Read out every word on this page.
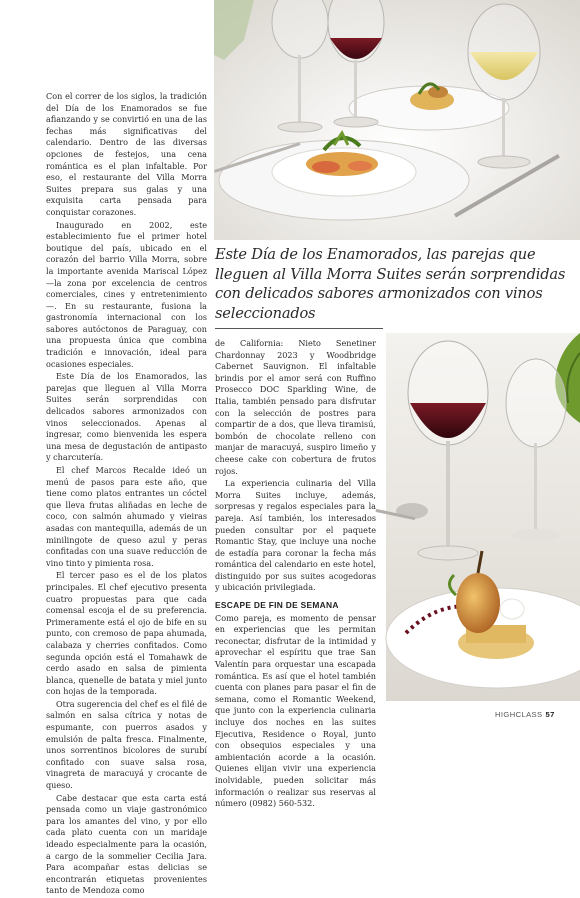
Con el correr de los siglos, la tradición del Día de los Enamorados se fue afianzando y se convirtió en una de las fechas más significativas del calendario. Dentro de las diversas opciones de festejos, una cena romántica es el plan infaltable. Por eso, el restaurante del Villa Morra Suites prepara sus galas y una exquisita carta pensada para conquistar corazones.

Inaugurado en 2002, este establecimiento fue el primer hotel boutique del país, ubicado en el corazón del barrio Villa Morra, sobre la importante avenida Mariscal López —la zona por excelencia de centros comerciales, cines y entretenimiento—. En su restaurante, fusiona la gastronomía internacional con los sabores autóctonos de Paraguay, con una propuesta única que combina tradición e innovación, ideal para ocasiones especiales.

Este Día de los Enamorados, las parejas que lleguen al Villa Morra Suites serán sorprendidas con delicados sabores armonizados con vinos seleccionados. Apenas al ingresar, como bienvenida les espera una mesa de degustación de antipasto y charcutería.

El chef Marcos Recalde ideó un menú de pasos para este año, que tiene como platos entrantes un cóctel que lleva frutas aliñadas en leche de coco, con salmón ahumado y vieiras asadas con mantequilla, además de un minilingote de queso azul y peras confitadas con una suave reducción de vino tinto y pimienta rosa.

El tercer paso es el de los platos principales. El chef ejecutivo presenta cuatro propuestas para que cada comensal escoja el de su preferencia. Primeramente está el ojo de bife en su punto, con cremoso de papa ahumada, calabaza y cherries confitados. Como segunda opción está el Tomahawk de cerdo asado en salsa de pimienta blanca, quenelle de batata y miel junto con hojas de la temporada.

Otra sugerencia del chef es el filé de salmón en salsa cítrica y notas de espumante, con puerros asados y emulsión de palta fresca. Finalmente, unos sorrentinos bicolores de surubí confitado con suave salsa rosa, vinagreta de maracuyá y crocante de queso.

Cabe destacar que esta carta está pensada como un viaje gastronómico para los amantes del vino, y por ello cada plato cuenta con un maridaje ideado especialmente para la ocasión, a cargo de la sommelier Cecilia Jara. Para acompañar estas delicias se encontrarán etiquetas provenientes tanto de Mendoza como

Este Día de los Enamorados, las parejas que lleguen al Villa Morra Suites serán sorprendidas con delicados sabores armonizados con vinos seleccionados

de California: Nieto Senetiner Chardonnay 2023 y Woodbridge Cabernet Sauvignon. El infaltable brindis por el amor será con Ruffino Prosecco DOC Sparkling Wine, de Italia, también pensado para disfrutar con la selección de postres para compartir de a dos, que lleva tiramisú, bombón de chocolate relleno con manjar de maracuyá, suspiro limeño y cheese cake con cobertura de frutos rojos.

La experiencia culinaria del Villa Morra Suites incluye, además, sorpresas y regalos especiales para la pareja. Así también, los interesados pueden consultar por el paquete Romantic Stay, que incluye una noche de estadía para coronar la fecha más romántica del calendario en este hotel, distinguido por sus suites acogedoras y ubicación privilegiada.

ESCAPE DE FIN DE SEMANA

Como pareja, es momento de pensar en experiencias que les permitan reconectar, disfrutar de la intimidad y aprovechar el espíritu que trae San Valentín para orquestar una escapada romántica. Es así que el hotel también cuenta con planes para pasar el fin de semana, como el Romantic Weekend, que junto con la experiencia culinaria incluye dos noches en las suites Ejecutiva, Residence o Royal, junto con obsequios especiales y una ambientación acorde a la ocasión. Quienes elijan vivir una experiencia inolvidable, pueden solicitar más información o realizar sus reservas al número (0982) 560-532.

HIGHCLASS 57
